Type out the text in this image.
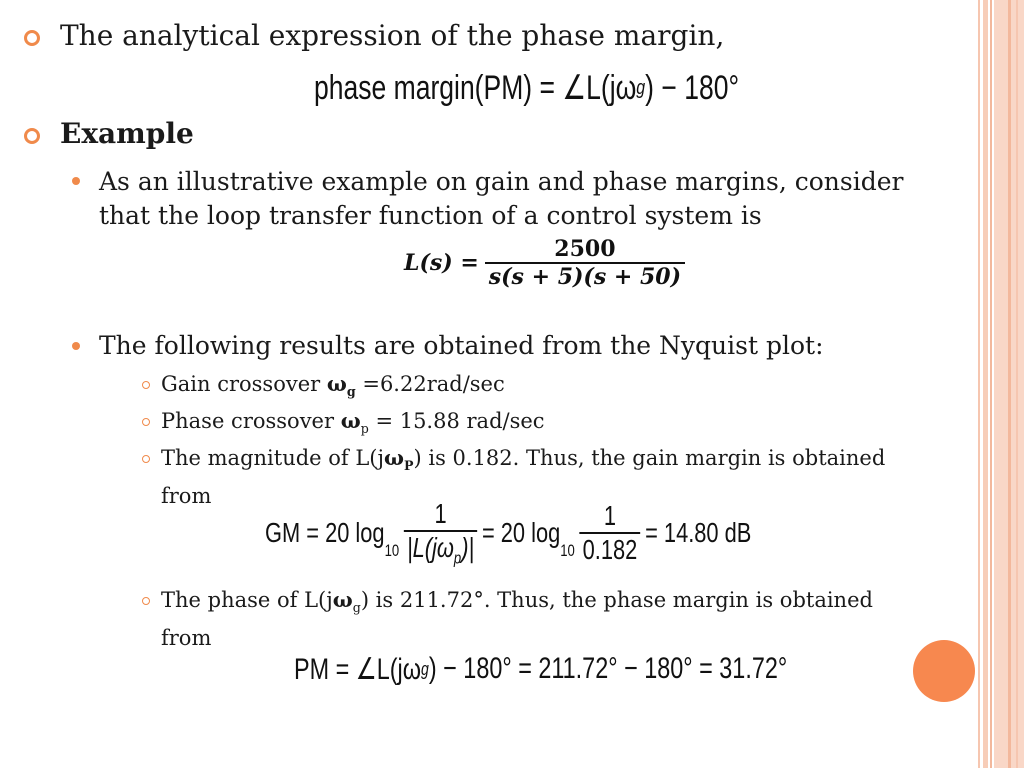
The analytical expression of the phase margin,
phase margin(PM) = ∠L(jω g ) − 180°
Example
As an illustrative example on gain and phase margins, consider
that the loop transfer function of a control system is
$L(s) = \frac{2500}{s(s + 5)(s + 50)}$
The following results are obtained from the Nyquist plot:
Gain crossover $\omega_g =6.22rad/\sec$
Phase crossover $\omega_p = 15.88$ rad/sec
The magnitude of $L(j\omega_P)$ is 0.182. Thus, the gain margin is obtained
from
GM = 20 log
$_{10} \frac{1}{|L(j\omega_p)|} = 20$ log
$_{10} \frac{1}{0.182} = 14.80$ dB
The phase of $L(j\omega_g)$ is 211.72°. Thus, the phase margin is obtained
from
PM = ∠L(jω g ) − 180° = 211.72° − 180° = 31.72°
